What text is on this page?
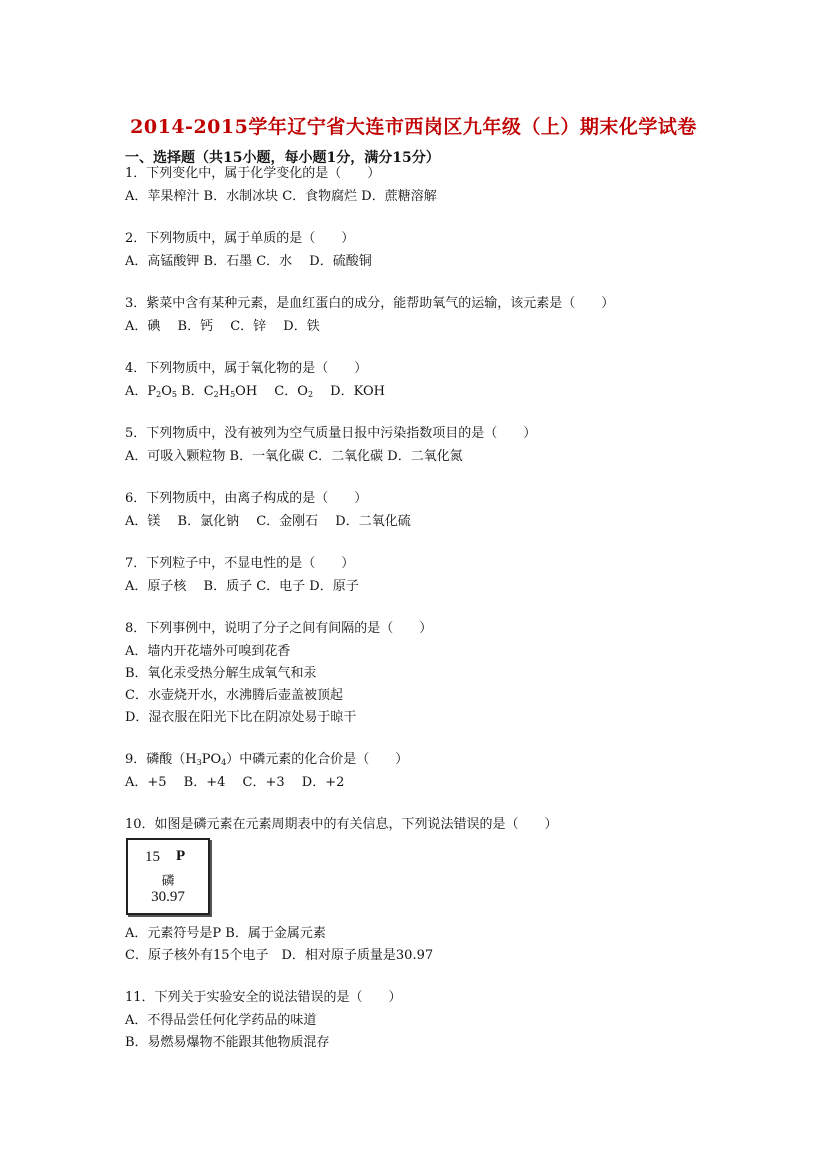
2014-2015学年辽宁省大连市西岗区九年级（上）期末化学试卷
一、选择题（共15小题，每小题1分，满分15分）
1．下列变化中，属于化学变化的是（　　）
A．苹果榨汁 B．水制冰块 C．食物腐烂 D．蔗糖溶解
2．下列物质中，属于单质的是（　　）
A．高锰酸钾 B．石墨 C．水　 D．硫酸铜
3．紫菜中含有某种元素，是血红蛋白的成分，能帮助氧气的运输，该元素是（　　）
A．碘　 B．钙　 C．锌　 D．铁
4．下列物质中，属于氧化物的是（　　）
A．$P_2O_5$ B．$C_2H_5OH$　 C．$O_2$　 D．KOH
5．下列物质中，没有被列为空气质量日报中污染指数项目的是（　　）
A．可吸入颗粒物 B．一氧化碳 C．二氧化碳 D．二氧化氮
6．下列物质中，由离子构成的是（　　）
A．镁　 B．氯化钠　 C．金刚石　 D．二氧化硫
7．下列粒子中，不显电性的是（　　）
A．原子核　 B．质子 C．电子 D．原子
8．下列事例中，说明了分子之间有间隔的是（　　）
A．墙内开花墙外可嗅到花香
B．氧化汞受热分解生成氧气和汞
C．水壶烧开水，水沸腾后壶盖被顶起
D．湿衣服在阳光下比在阴凉处易于晾干
9．磷酸$(H_3PO_4)$中磷元素的化合价是（　　）
A．+5　 B．+4　 C．+3　 D．+2
10．如图是磷元素在元素周期表中的有关信息，下列说法错误的是（　　）
15 P
磷
30.97
A．元素符号是P B．属于金属元素
C．原子核外有15个电子　D．相对原子质量是30.97
11．下列关于实验安全的说法错误的是（　　）
A．不得品尝任何化学药品的味道
B．易燃易爆物不能跟其他物质混存
